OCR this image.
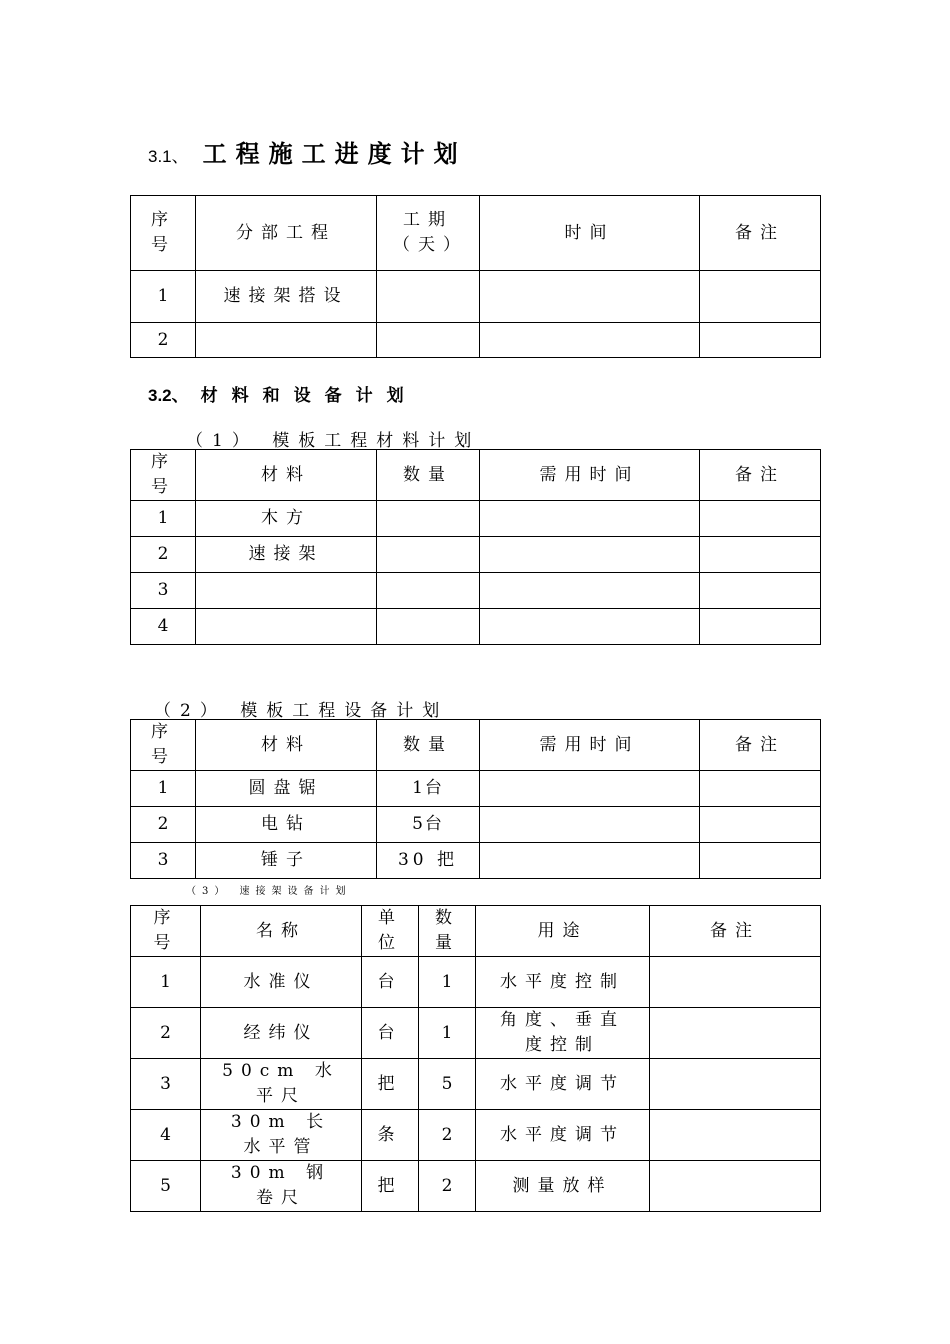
3.1、 工程施工进度计划
序号	分部工程	工期（天）	时间	备注
1	速接架搭设			
2				
3.2、 材料和设备计划
（1） 模板工程材料计划
序号	材料	数量	需用时间	备注
1	木方			
2	速接架			
3				
4				
（2） 模板工程设备计划
序号	材料	数量	需用时间	备注
1	圆盘锯	1台		
2	电钻	5台		
3	锤子	30 把		
（3） 速接架设备计划
序号	名称	单位	数量	用途	备注
1	水准仪	台	1	水平度控制	
2	经纬仪	台	1	角度、垂直度控制	
3	50cm 水平尺	把	5	水平度调节	
4	30m 长水平管	条	2	水平度调节	
5	30m 钢卷尺	把	2	测量放样	
